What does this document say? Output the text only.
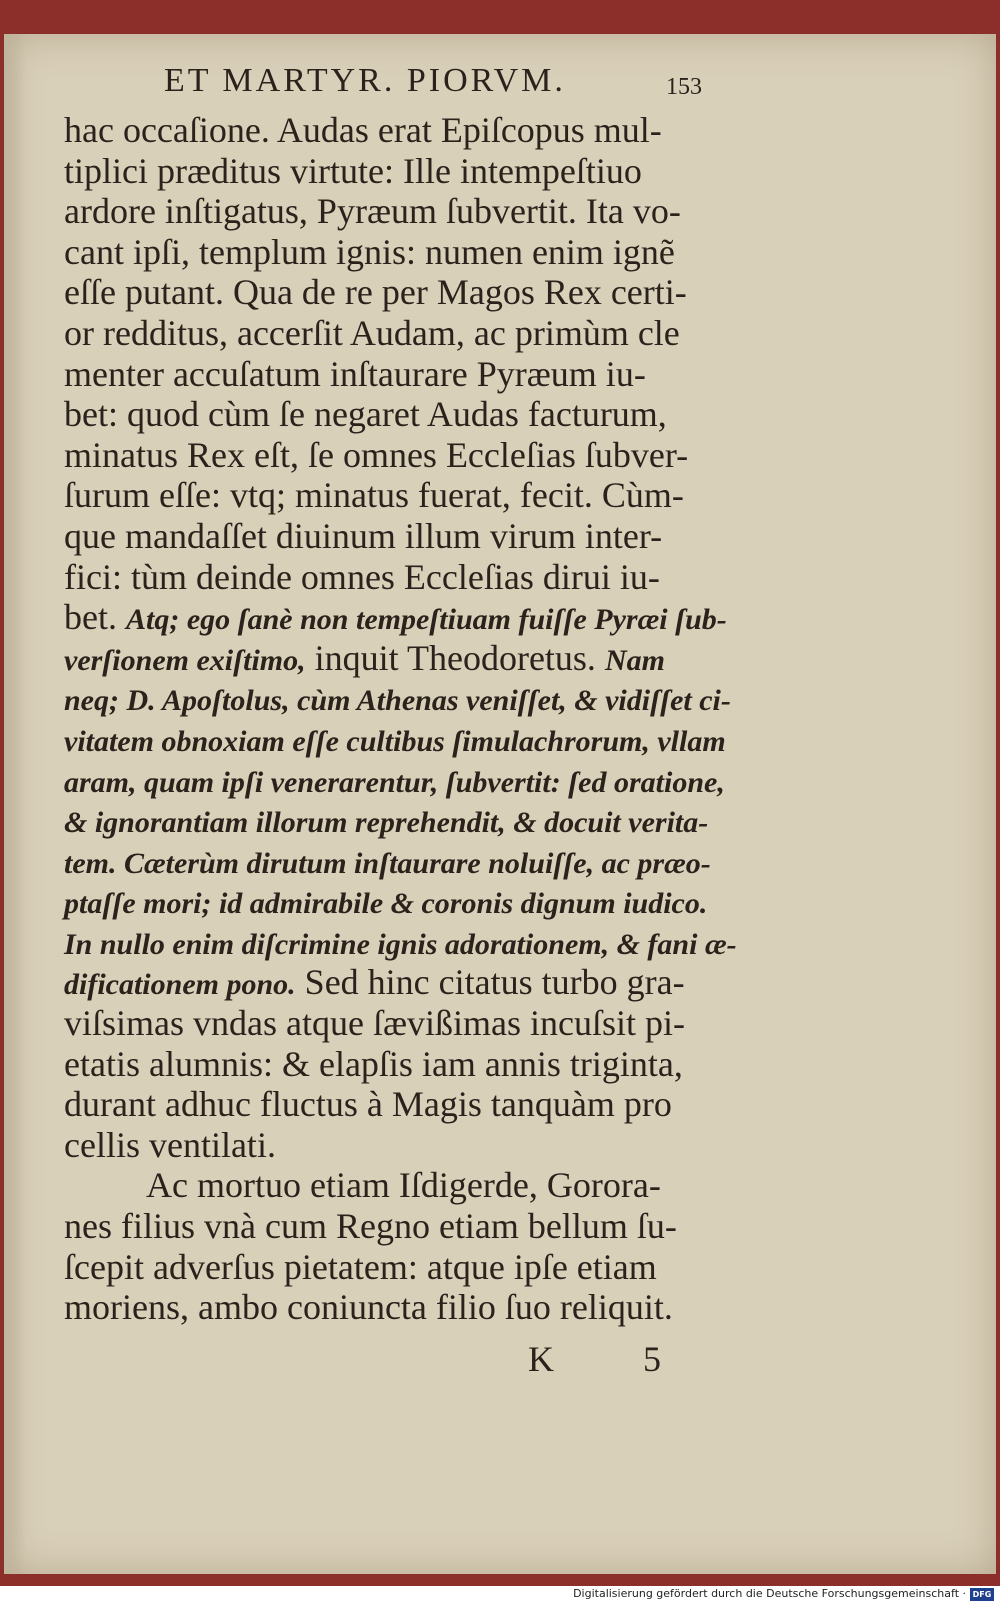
ET MARTYR. PIORVM.	153
hac occaſione. Audas erat Epiſcopus mul-
tiplici præditus virtute: Ille intempeſtiuo
ardore inſtigatus, Pyræum ſubvertit. Ita vo-
cant ipſi, templum ignis: numen enim ignẽ
eſſe putant. Qua de re per Magos Rex certi-
or redditus, accerſit Audam, ac primùm cle
menter accuſatum inſtaurare Pyræum iu-
bet: quod cùm ſe negaret Audas facturum,
minatus Rex eſt, ſe omnes Eccleſias ſubver-
ſurum eſſe: vtq; minatus fuerat, fecit. Cùm-
que mandaſſet diuinum illum virum inter-
fici: tùm deinde omnes Eccleſias dirui iu-
bet. Atq; ego ſanè non tempeſtiuam fuiſſe Pyræi ſub-
verſionem exiſtimo, inquit Theodoretus. Nam
neq; D. Apoſtolus, cùm Athenas veniſſet, & vidiſſet ci-
vitatem obnoxiam eſſe cultibus ſimulachrorum, vllam
aram, quam ipſi venerarentur, ſubvertit: ſed oratione,
& ignorantiam illorum reprehendit, & docuit verita-
tem. Cæterùm dirutum inſtaurare noluiſſe, ac præo-
ptaſſe mori; id admirabile & coronis dignum iudico.
In nullo enim diſcrimine ignis adorationem, & fani æ-
dificationem pono. Sed hinc citatus turbo gra-
viſsimas vndas atque ſævißimas incuſsit pi-
etatis alumnis: & elapſis iam annis triginta,
durant adhuc fluctus à Magis tanquàm pro
cellis ventilati.
Ac mortuo etiam Iſdigerde, Gorora-
nes filius vnà cum Regno etiam bellum ſu-
ſcepit adverſus pietatem: atque ipſe etiam
moriens, ambo coniuncta filio ſuo reliquit.
K 5
Digitalisierung gefördert durch die Deutsche Forschungsgemeinschaft · DFG
